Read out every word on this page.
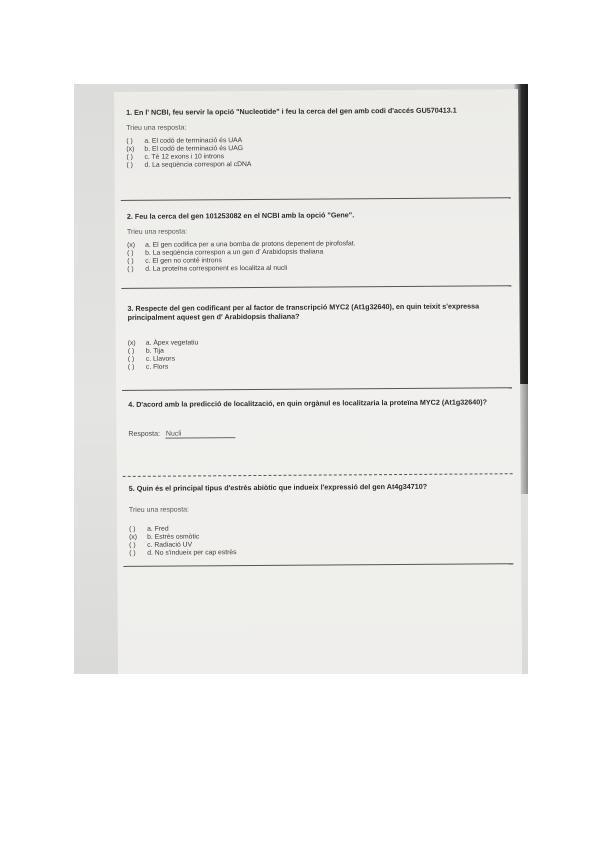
1. En l' NCBI, feu servir la opció "Nucleotide" i feu la cerca del gen amb codi d'accés GU570413.1
Trieu una resposta:
( )	a. El codó de terminació és UAA
(x)	b. El codó de terminació és UAG
( )	c. Té 12 exons i 10 introns
( )	d. La seqüència correspon al cDNA
2. Feu la cerca del gen 101253082 en el NCBI amb la opció "Gene".
Trieu una resposta:
(x)	a. El gen codifica per a una bomba de protons depenent de pirofosfat.
( )	b. La seqüència correspon a un gen d' Arabidopsis thaliana
( )	c. El gen no conté introns
( )	d. La proteïna corresponent es localitza al nucli
3. Respecte del gen codificant per al factor de transcripció MYC2 (At1g32640), en quin teixit s'expressa principalment aquest gen d' Arabidopsis thaliana?
(x)	a. Àpex vegetatiu
( )	b. Tija
( )	c. Llavors
( )	c. Flors
4. D'acord amb la predicció de localització, en quin orgànul es localitzaria la proteïna MYC2 (At1g32640)?
Resposta: Nucli
5. Quin és el principal tipus d'estrès abiòtic que indueix l'expressió del gen At4g34710?
Trieu una resposta:
( )	a. Fred
(x)	b. Estrès osmòtic
( )	c. Radiació UV
( )	d. No s'indueix per cap estrès
